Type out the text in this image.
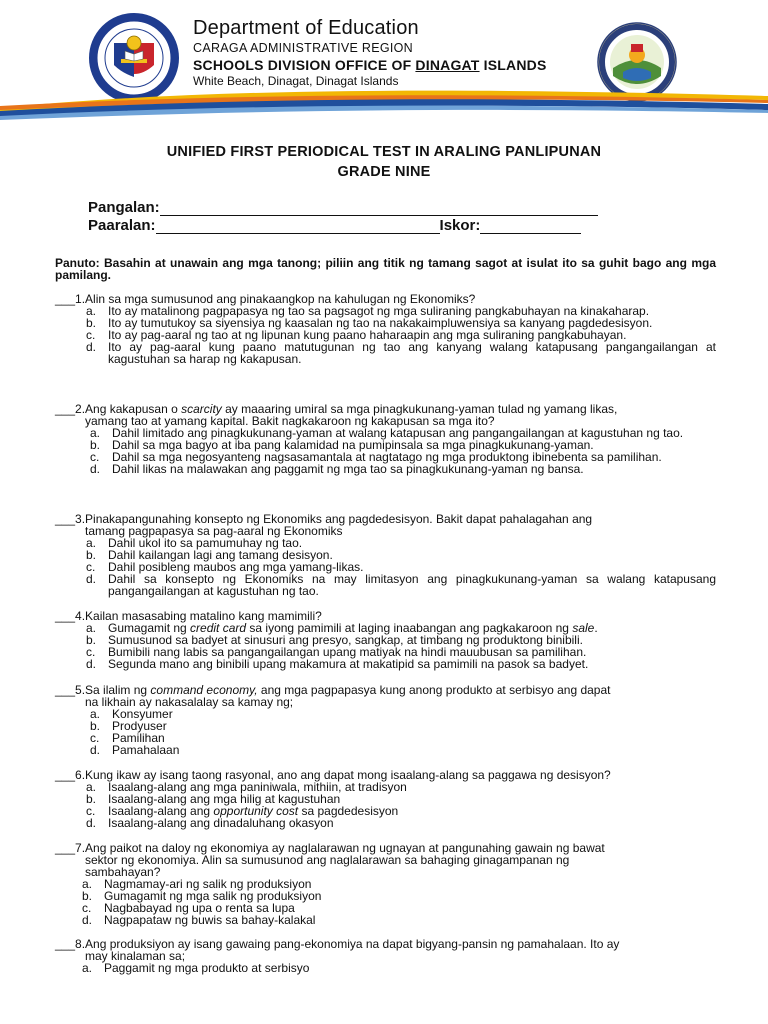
Department of Education

CARAGA ADMINISTRATIVE REGION

SCHOOLS DIVISION OFFICE OF DINAGAT ISLANDS

White Beach, Dinagat, Dinagat Islands

UNIFIED FIRST PERIODICAL TEST IN ARALING PANLIPUNAN
GRADE NINE
Pangalan:
Paaralan:	Iskor:
Panuto: Basahin at unawain ang mga tanong; piliin ang titik ng tamang sagot at isulat ito sa guhit bago ang mga pamilang.

___1.Alin sa mga sumusunod ang pinakaangkop na kahulugan ng Ekonomiks?

a. Ito ay matalinong pagpapasya ng tao sa pagsagot ng mga suliraning pangkabuhayan na kinakaharap.
b. Ito ay tumutukoy sa siyensiya ng kaasalan ng tao na nakakaimpluwensiya sa kanyang pagdedesisyon.
c.	Ito ay pag-aaral ng tao at ng lipunan kung paano haharaapin ang mga suliraning pangkabuhayan.
d. Ito ay pag-aaral kung paano matutugunan ng tao ang kanyang walang katapusang pangangailangan at kagustuhan sa harap ng kakapusan.

___2.Ang kakapusan o scarcity ay maaaring umiral sa mga pinagkukunang-yaman tulad ng yamang likas,

yamang tao at yamang kapital. Bakit nagkakaroon ng kakapusan sa mga ito?

a. Dahil limitado ang pinagkukunang-yaman at walang katapusan ang pangangailangan at kagustuhan ng tao.
b. Dahil sa mga bagyo at iba pang kalamidad na pumipinsala sa mga pinagkukunang-yaman.
c.	Dahil sa mga negosyanteng nagsasamantala at nagtatago ng mga produktong ibinebenta sa pamilihan.
d. Dahil likas na malawakan ang paggamit ng mga tao sa pinagkukunang-yaman ng bansa.

___3.Pinakapangunahing konsepto ng Ekonomiks ang pagdedesisyon. Bakit dapat pahalagahan ang

tamang pagpapasya sa pag-aaral ng Ekonomiks

a. Dahil ukol ito sa pamumuhay ng tao.
b. Dahil kailangan lagi ang tamang desisyon.
c.	Dahil posibleng maubos ang mga yamang-likas.
d. Dahil sa konsepto ng Ekonomiks na may limitasyon ang pinagkukunang-yaman sa walang katapusang pangangailangan at kagustuhan ng tao.

___4.Kailan masasabing matalino kang mamimili?

a. Gumagamit ng credit card sa iyong pamimili at laging inaabangan ang pagkakaroon ng sale.
b. Sumusunod sa badyet at sinusuri ang presyo, sangkap, at timbang ng produktong binibili.
c.	Bumibili nang labis sa pangangailangan upang matiyak na hindi mauubusan sa pamilihan.
d. Segunda mano ang binibili upang makamura at makatipid sa pamimili na pasok sa badyet.

___5.Sa ilalim ng command economy, ang mga pagpapasya kung anong produkto at serbisyo ang dapat

na likhain ay nakasalalay sa kamay ng;

a. Konsyumer
b. Prodyuser
c.	Pamilihan
d. Pamahalaan

___6.Kung ikaw ay isang taong rasyonal, ano ang dapat mong isaalang-alang sa paggawa ng desisyon?

a. Isaalang-alang ang mga paniniwala, mithiin, at tradisyon
b. Isaalang-alang ang mga hilig at kagustuhan
c.	Isaalang-alang ang opportunity cost sa pagdedesisyon
d. Isaalang-alang ang dinadaluhang okasyon

___7.Ang paikot na daloy ng ekonomiya ay naglalarawan ng ugnayan at pangunahing gawain ng bawat

sektor ng ekonomiya. Alin sa sumusunod ang naglalarawan sa bahaging ginagampanan ng

sambahayan?

a. Nagmamay-ari ng salik ng produksiyon
b. Gumagamit ng mga salik ng produksiyon
c.	Nagbabayad ng upa o renta sa lupa
d. Nagpapataw ng buwis sa bahay-kalakal

___8.Ang produksiyon ay isang gawaing pang-ekonomiya na dapat bigyang-pansin ng pamahalaan. Ito ay

may kinalaman sa;

a. Paggamit ng mga produkto at serbisyo
